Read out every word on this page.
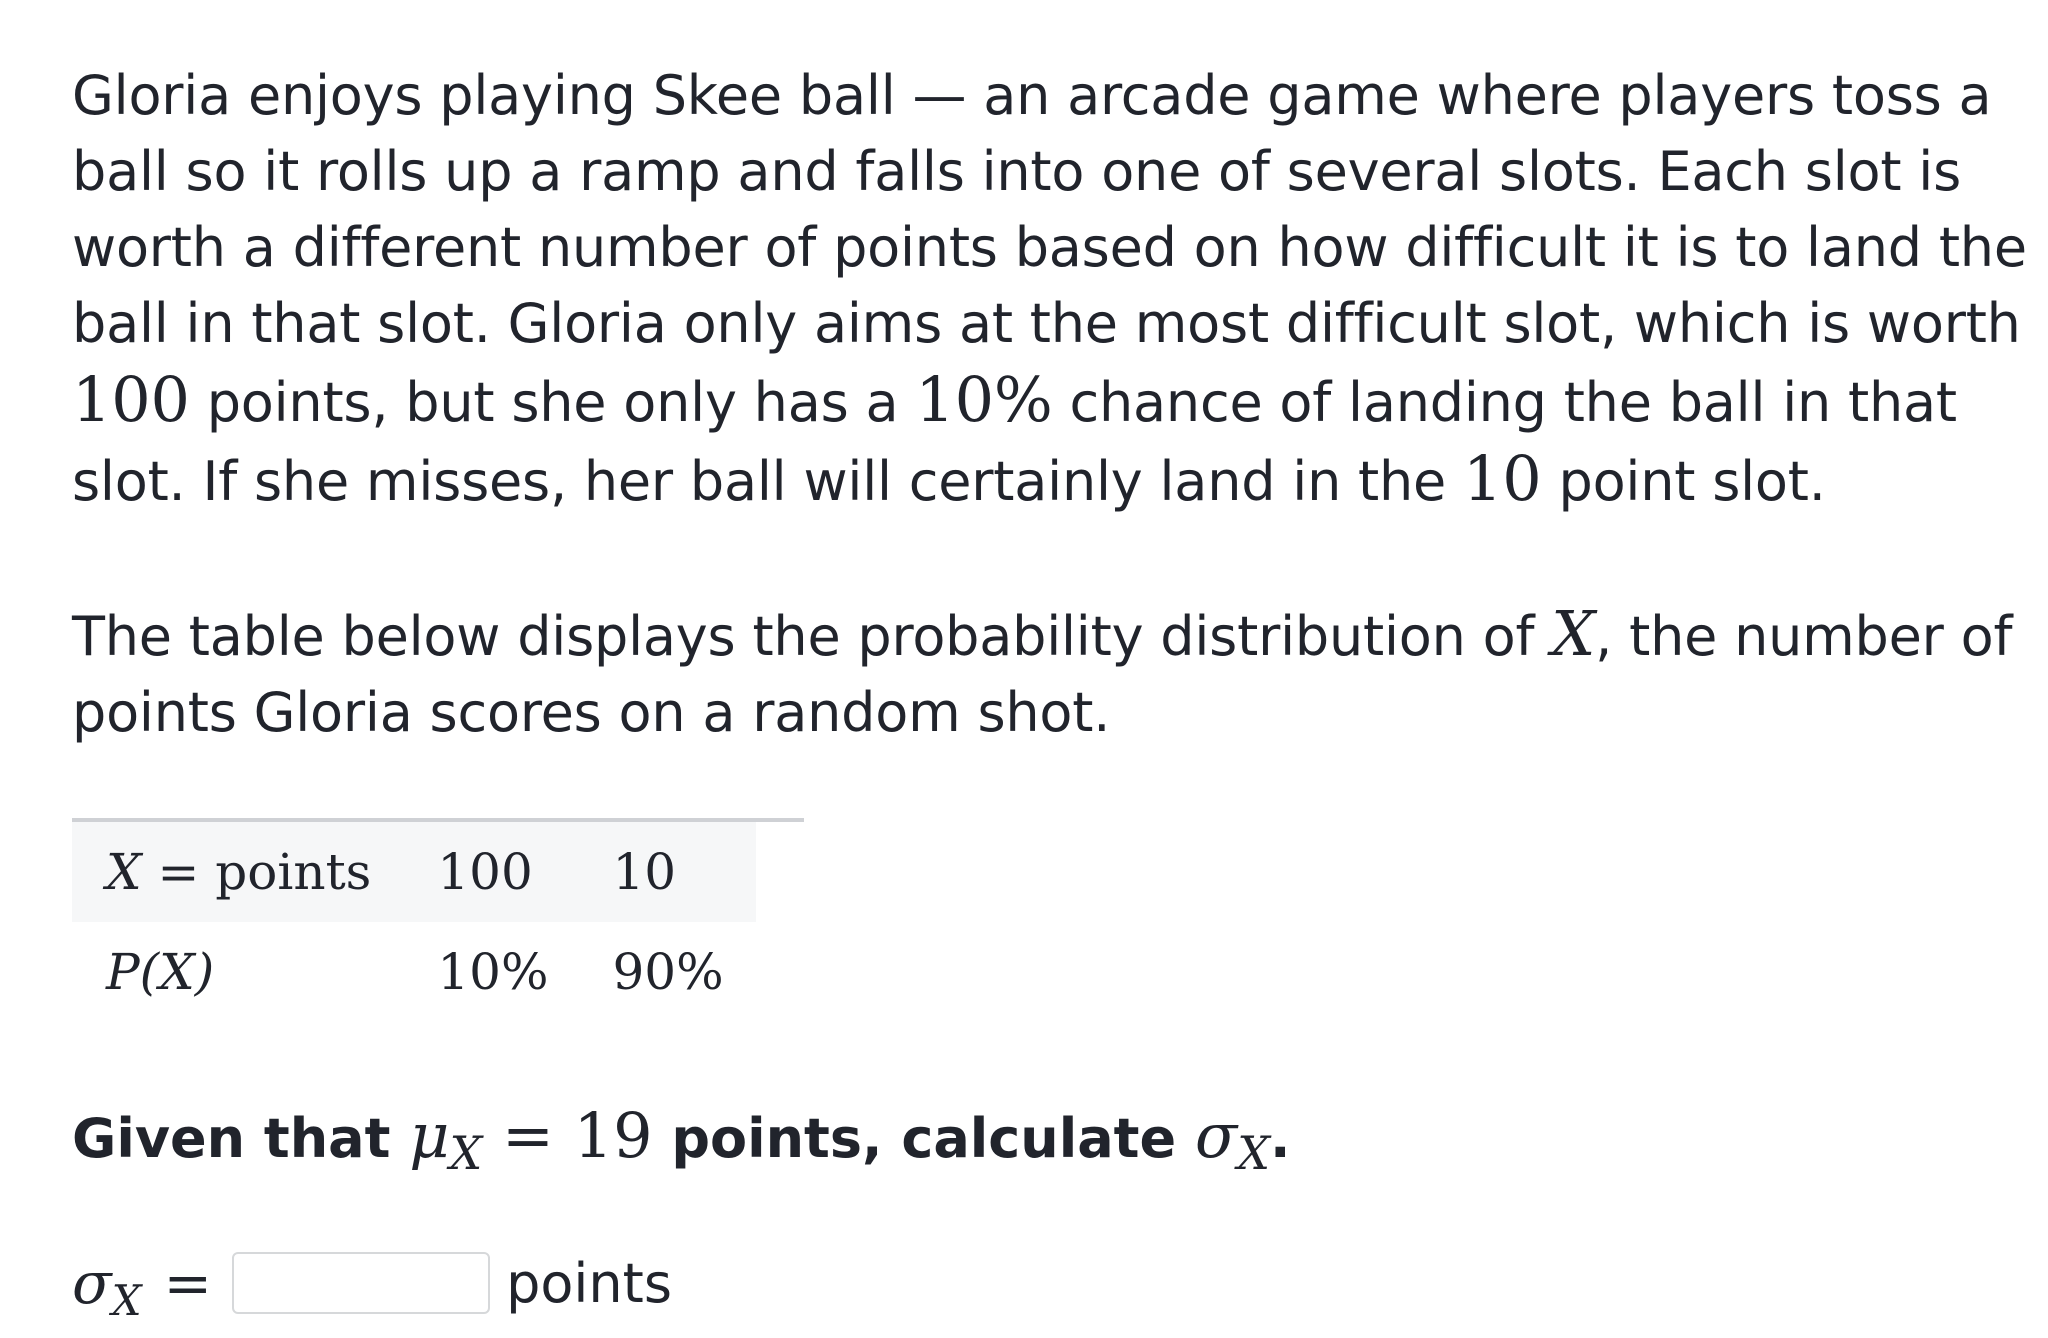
Gloria enjoys playing Skee ball — an arcade game where players toss a ball so it rolls up a ramp and falls into one of several slots. Each slot is worth a different number of points based on how difficult it is to land the ball in that slot. Gloria only aims at the most difficult slot, which is worth 100 points, but she only has a 10% chance of landing the ball in that slot. If she misses, her ball will certainly land in the 10 point slot.

The table below displays the probability distribution of X, the number of points Gloria scores on a random shot.

X = points	100	10
P(X)	10%	90%
Given that μX = 19 points, calculate σX.
$\sigma_X$ =	points
